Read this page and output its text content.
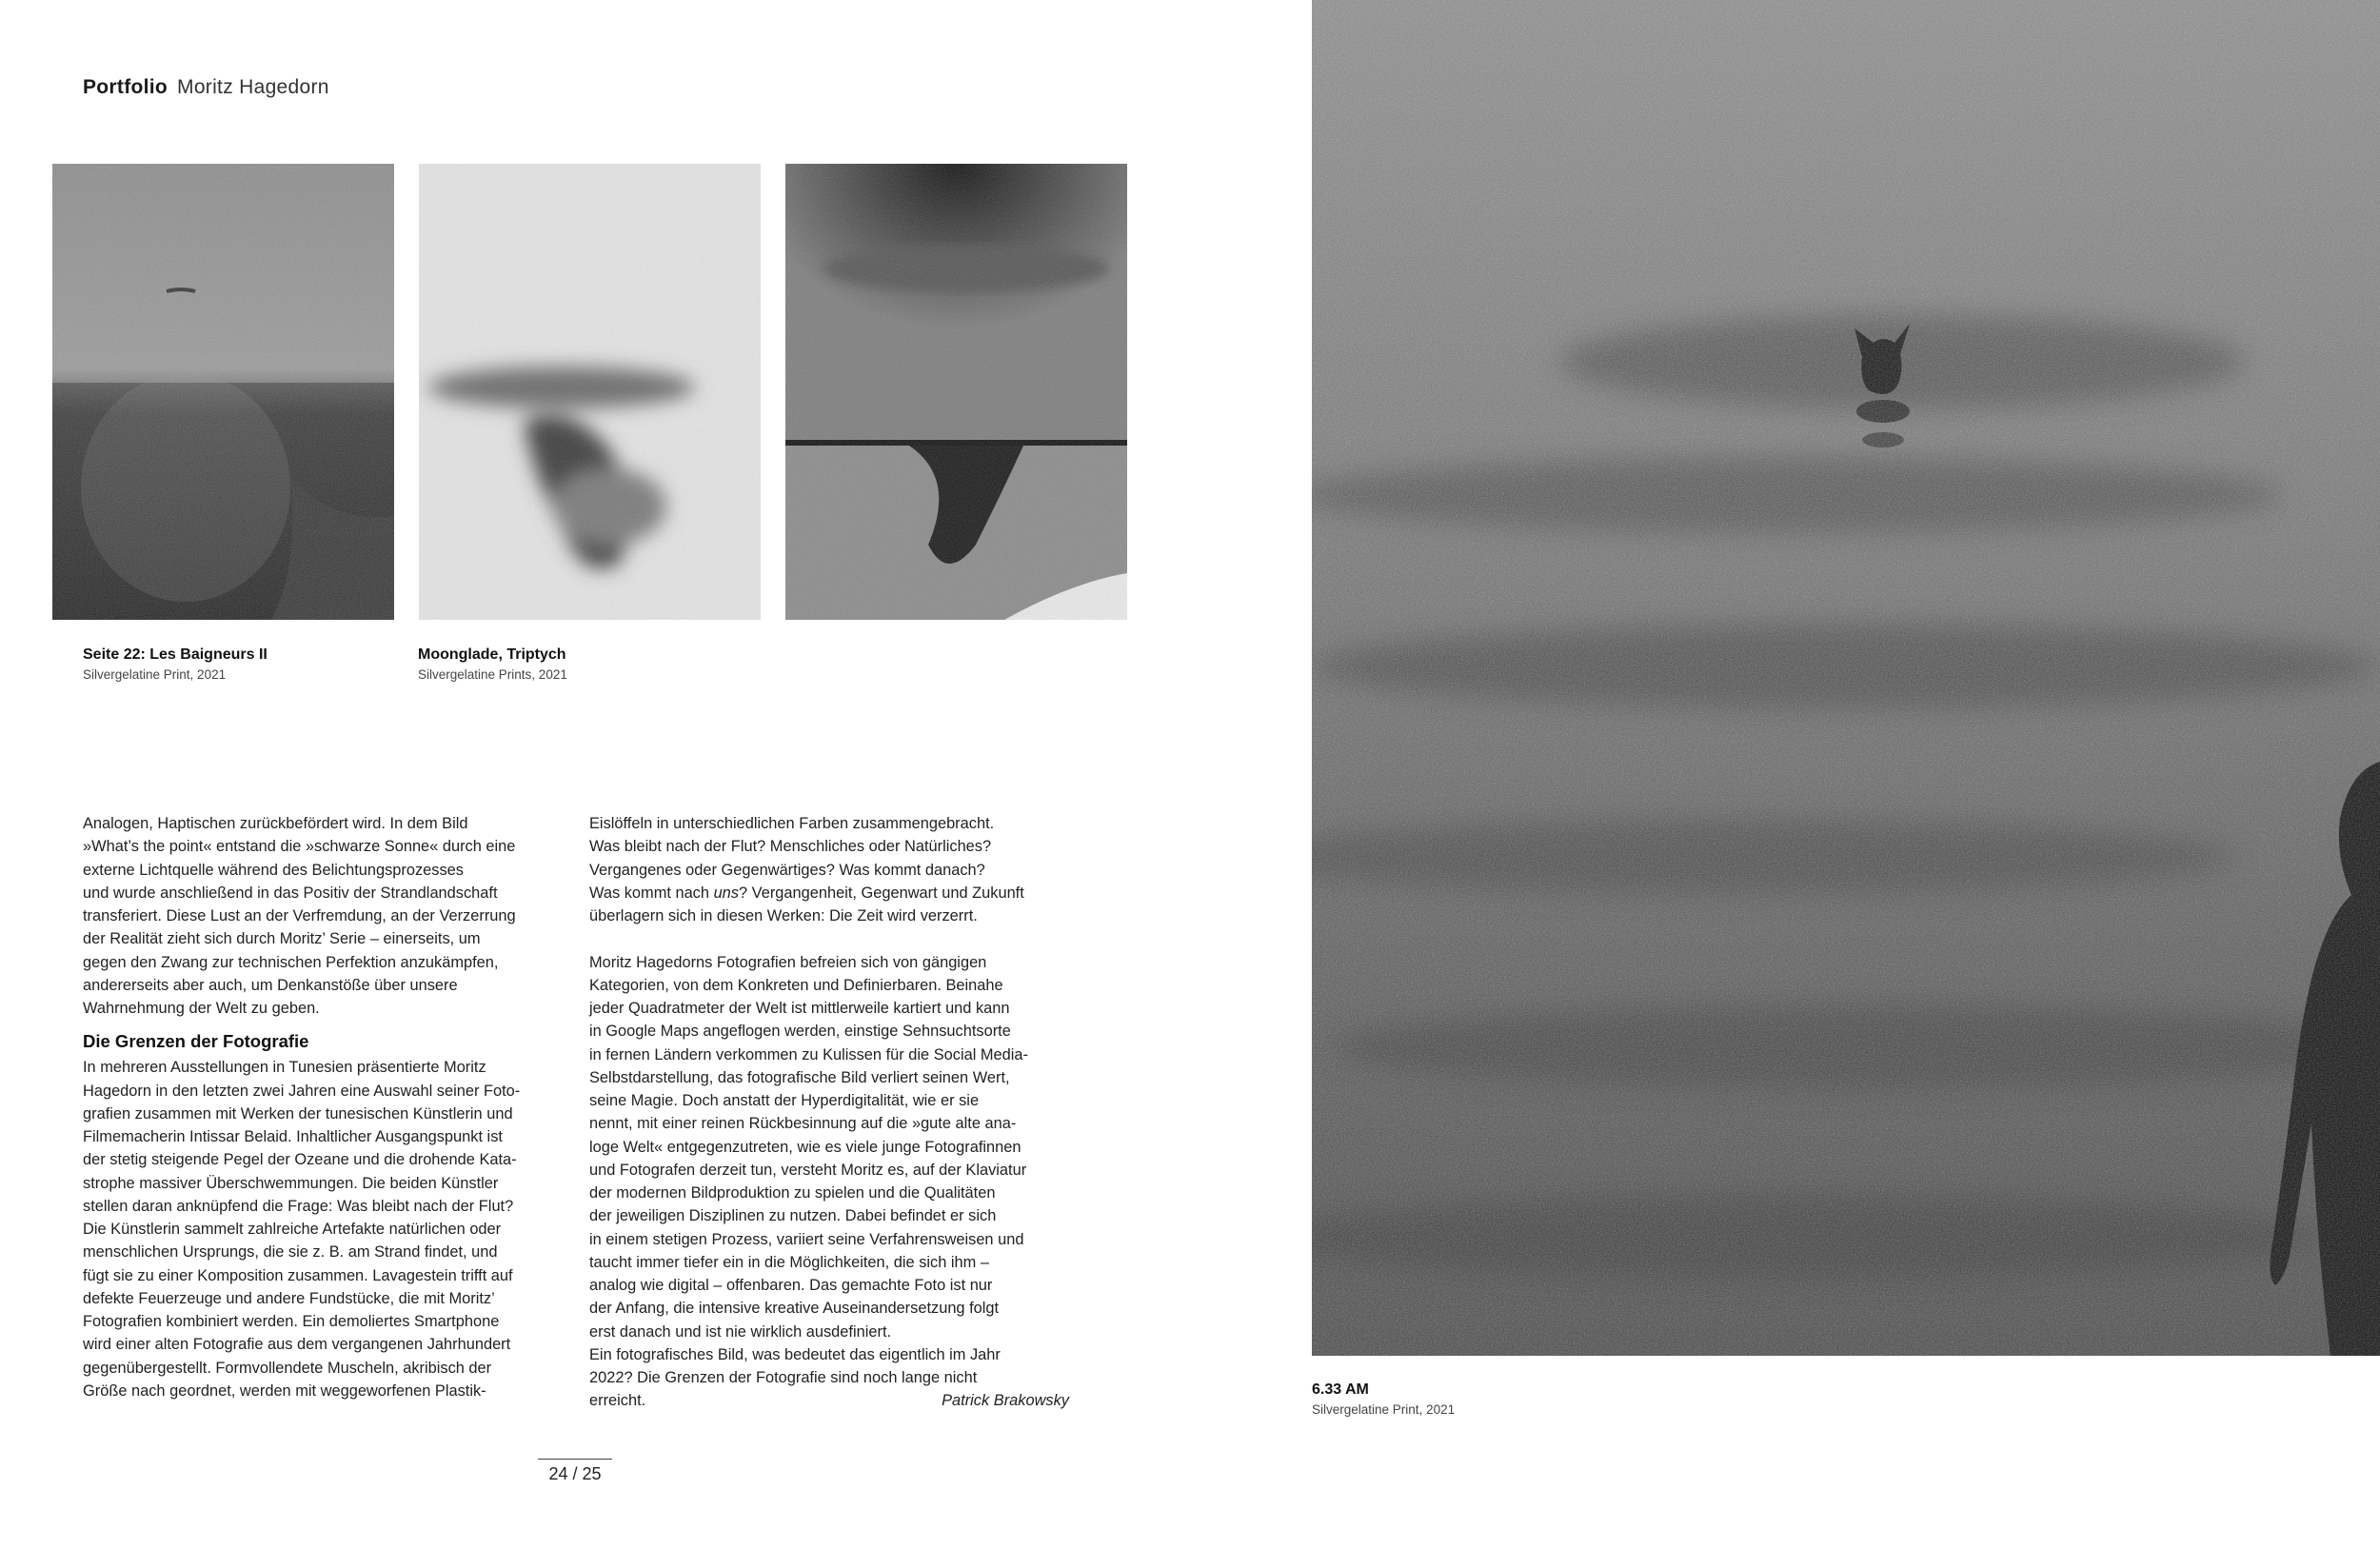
Portfolio Moritz Hagedorn
Seite 22: Les Baigneurs II
Silvergelatine Print, 2021
Moonglade, Triptych
Silvergelatine Prints, 2021

Analogen, Haptischen zurückbefördert wird. In dem Bild

»What’s the point« entstand die »schwarze Sonne« durch eine

externe Lichtquelle während des Belichtungsprozesses

und wurde anschließend in das Positiv der Strandlandschaft

transferiert. Diese Lust an der Verfremdung, an der Verzerrung

der Realität zieht sich durch Moritz’ Serie – einerseits, um

gegen den Zwang zur technischen Perfektion anzukämpfen,

andererseits aber auch, um Denkanstöße über unsere

Wahrnehmung der Welt zu geben.

Die Grenzen der Fotografie

In mehreren Ausstellungen in Tunesien präsentierte Moritz

Hagedorn in den letzten zwei Jahren eine Auswahl seiner Foto-

grafien zusammen mit Werken der tunesischen Künstlerin und

Filmemacherin Intissar Belaid. Inhaltlicher Ausgangspunkt ist

der stetig steigende Pegel der Ozeane und die drohende Kata-

strophe massiver Überschwemmungen. Die beiden Künstler

stellen daran anknüpfend die Frage: Was bleibt nach der Flut?

Die Künstlerin sammelt zahlreiche Artefakte natürlichen oder

menschlichen Ursprungs, die sie z. B. am Strand findet, und

fügt sie zu einer Komposition zusammen. Lavagestein trifft auf

defekte Feuerzeuge und andere Fundstücke, die mit Moritz’

Fotografien kombiniert werden. Ein demoliertes Smartphone

wird einer alten Fotografie aus dem vergangenen Jahrhundert

gegenübergestellt. Formvollendete Muscheln, akribisch der

Größe nach geordnet, werden mit weggeworfenen Plastik-

Eislöffeln in unterschiedlichen Farben zusammengebracht.

Was bleibt nach der Flut? Menschliches oder Natürliches?

Vergangenes oder Gegenwärtiges? Was kommt danach?

Was kommt nach uns? Vergangenheit, Gegenwart und Zukunft

überlagern sich in diesen Werken: Die Zeit wird verzerrt.

Moritz Hagedorns Fotografien befreien sich von gängigen

Kategorien, von dem Konkreten und Definierbaren. Beinahe

jeder Quadratmeter der Welt ist mittlerweile kartiert und kann

in Google Maps angeflogen werden, einstige Sehnsuchtsorte

in fernen Ländern verkommen zu Kulissen für die Social Media-

Selbstdarstellung, das fotografische Bild verliert seinen Wert,

seine Magie. Doch anstatt der Hyperdigitalität, wie er sie

nennt, mit einer reinen Rückbesinnung auf die »gute alte ana-

loge Welt« entgegenzutreten, wie es viele junge Fotografinnen

und Fotografen derzeit tun, versteht Moritz es, auf der Klaviatur

der modernen Bildproduktion zu spielen und die Qualitäten

der jeweiligen Disziplinen zu nutzen. Dabei befindet er sich

in einem stetigen Prozess, variiert seine Verfahrensweisen und

taucht immer tiefer ein in die Möglichkeiten, die sich ihm –

analog wie digital – offenbaren. Das gemachte Foto ist nur

der Anfang, die intensive kreative Auseinandersetzung folgt

erst danach und ist nie wirklich ausdefiniert.

Ein fotografisches Bild, was bedeutet das eigentlich im Jahr

2022? Die Grenzen der Fotografie sind noch lange nicht

erreicht.	Patrick Brakowsky

24 / 25
6.33 AM
Silvergelatine Print, 2021
